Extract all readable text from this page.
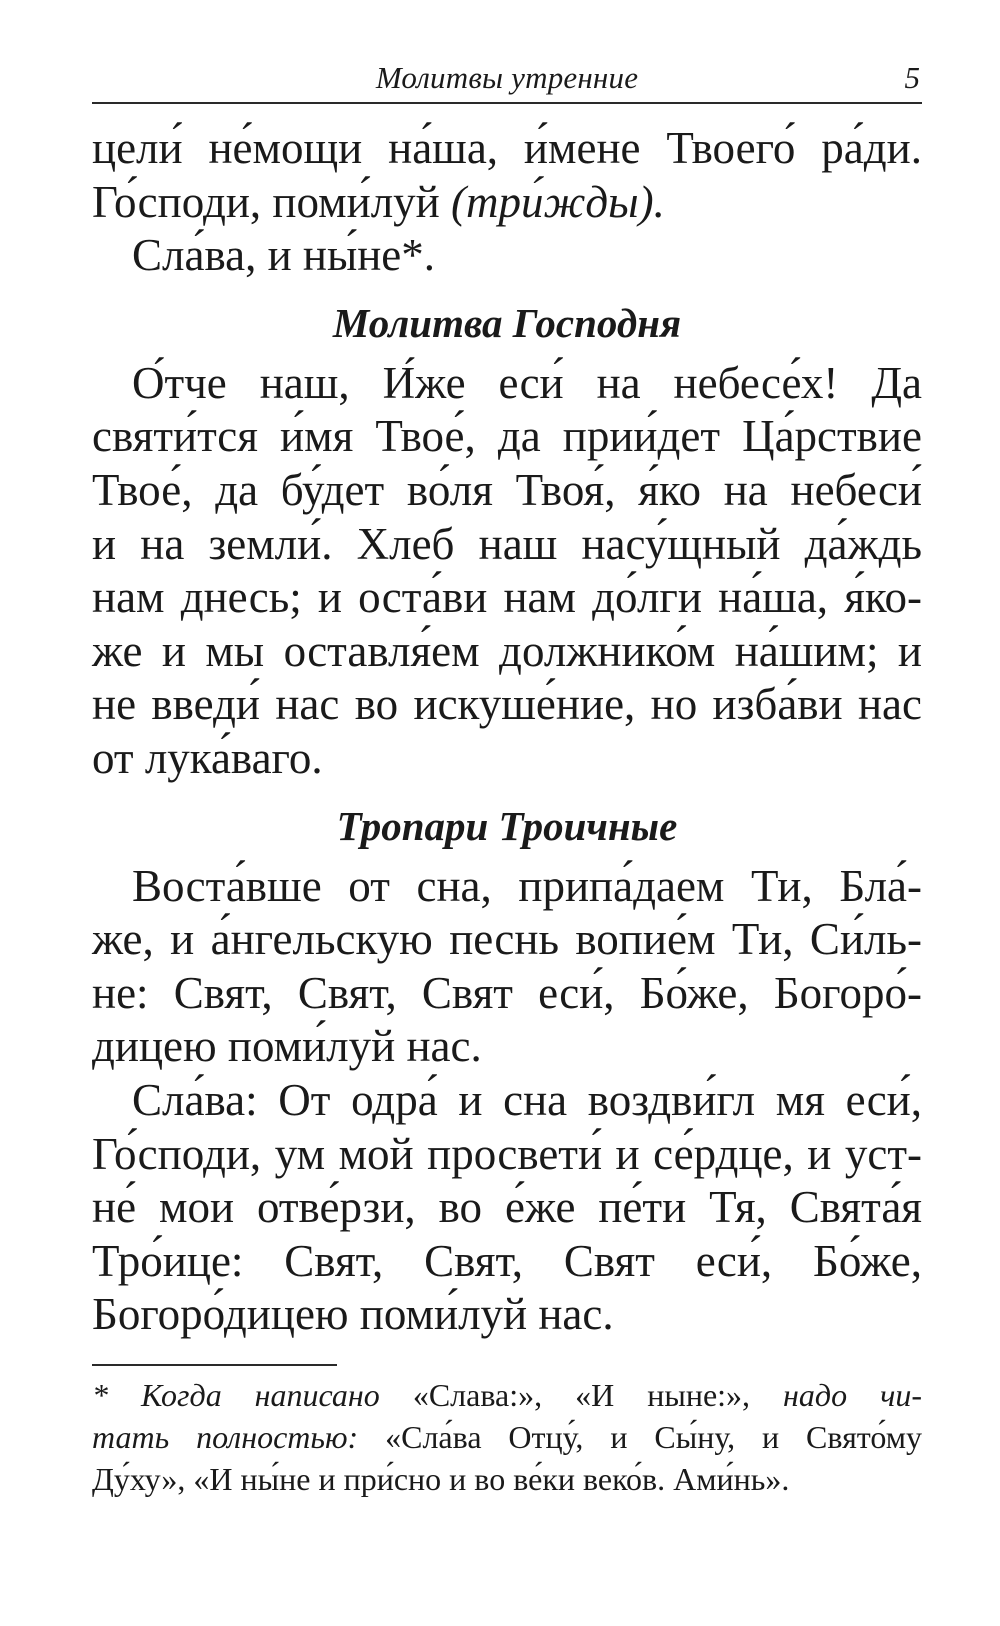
Молитвы утренние	5

цели́ не́мощи на́ша, и́мене Твоего́ ра́ди.

Го́споди, поми́луй (три́жды).

Сла́ва, и ны́не*.

Молитва Господня

О́тче наш, И́же еси́ на небесе́х! Да

святи́тся и́мя Твое́, да прии́дет Ца́рствие

Твое́, да бу́дет во́ля Твоя́, я́ко на небеси́

и на земли́. Хлеб наш насу́щный да́ждь

нам днесь; и оста́ви нам до́лги на́ша, я́ко-

же и мы оставля́ем должнико́м на́шим; и

не введи́ нас во искуше́ние, но изба́ви нас

от лука́ваго.

Тропари Троичные

Воста́вше от сна, припа́даем Ти, Бла́-

же, и а́нгельскую песнь вопие́м Ти, Си́ль-

не: Свят, Свят, Свят еси́, Бо́же, Богоро́-

дицею поми́луй нас.

Сла́ва: От одра́ и сна воздви́гл мя еси́,

Го́споди, ум мой просвети́ и се́рдце, и уст-

не́ мои отве́рзи, во е́же пе́ти Тя, Свята́я

Тро́ице: Свят, Свят, Свят еси́, Бо́же,

Богоро́дицею поми́луй нас.

* Когда написано «Слава:», «И ныне:», надо чи-

тать полностью: «Сла́ва Отцу́, и Сы́ну, и Свято́му

Ду́ху», «И ны́не и при́сно и во ве́ки веко́в. Ами́нь».
